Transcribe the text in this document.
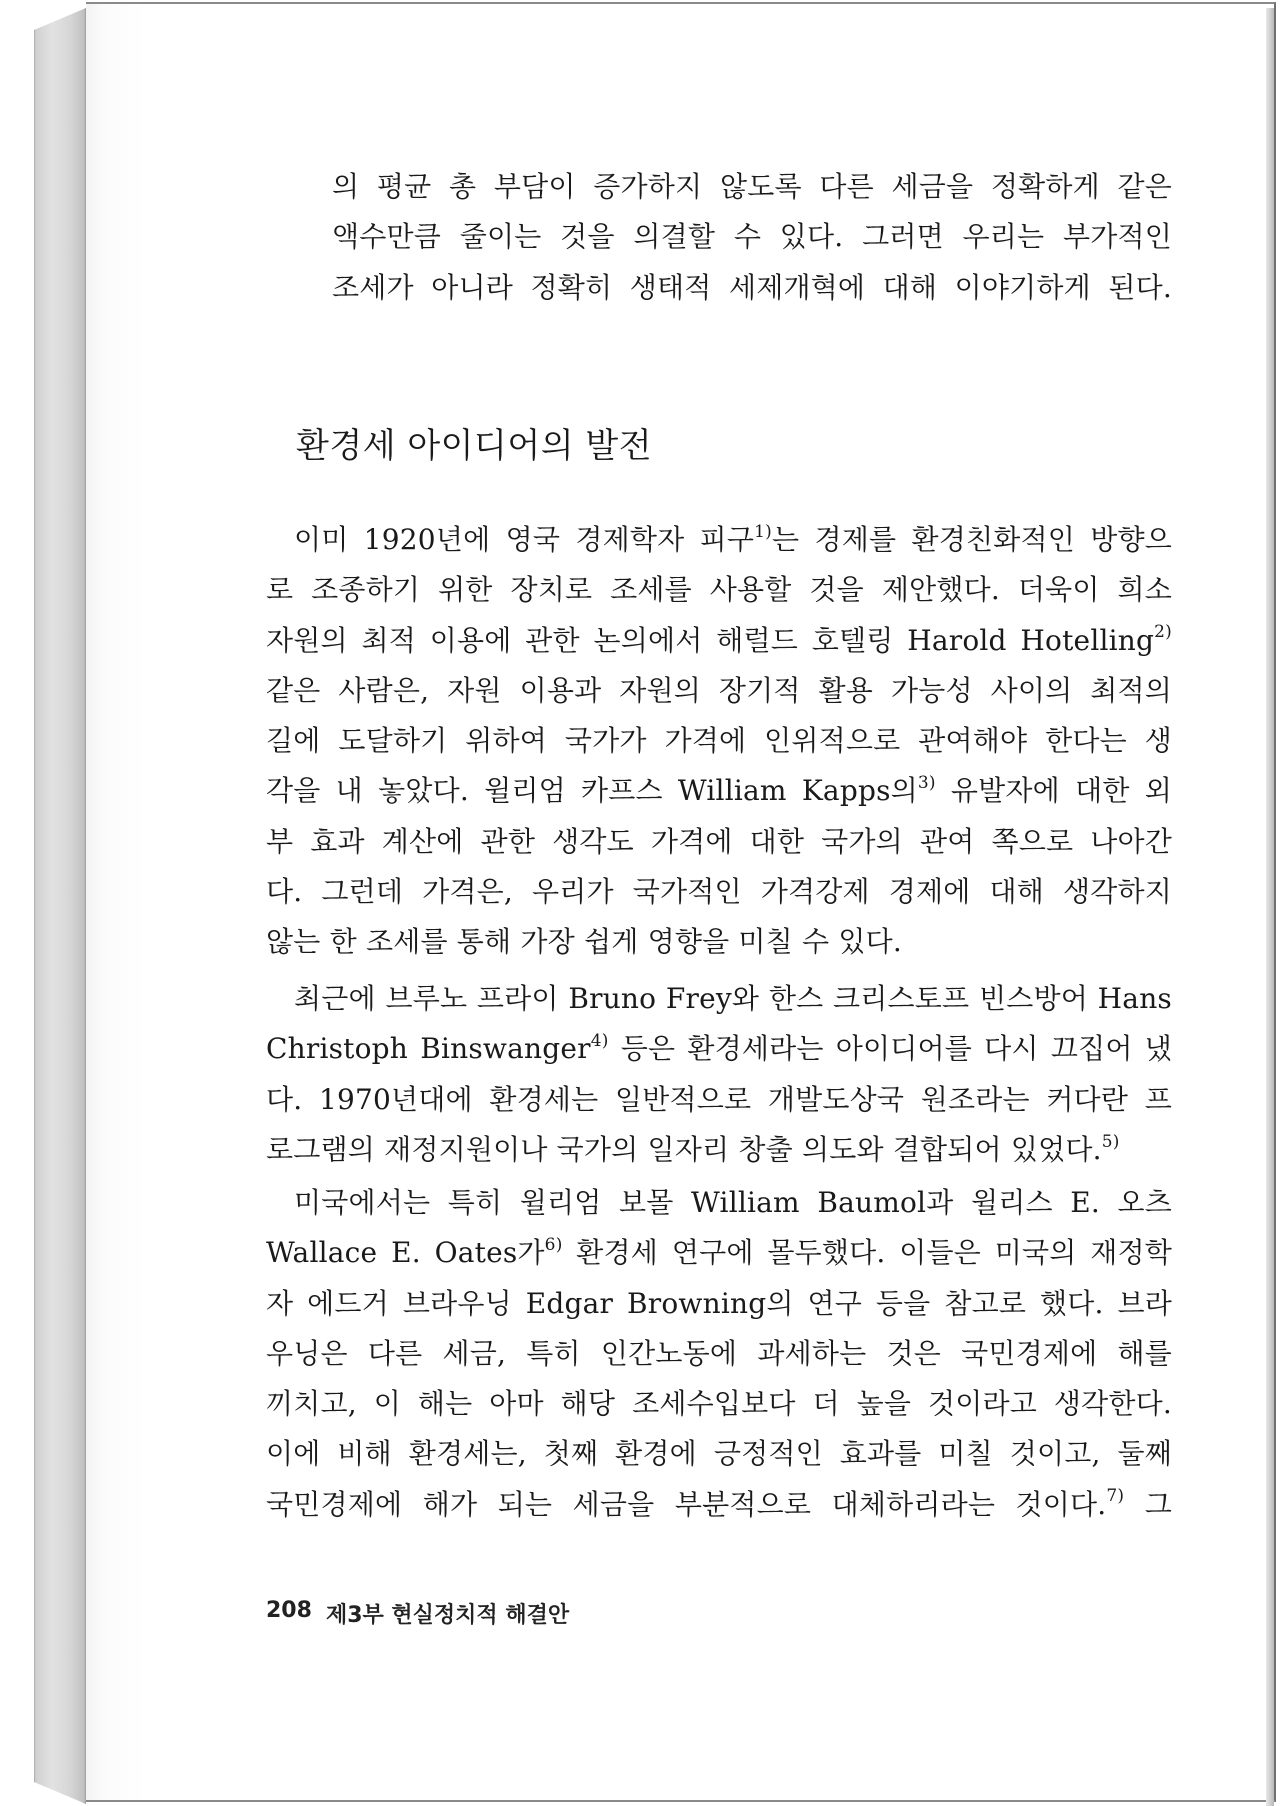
의 평균 총 부담이 증가하지 않도록 다른 세금을 정확하게 같은
액수만큼 줄이는 것을 의결할 수 있다. 그러면 우리는 부가적인
조세가 아니라 정확히 생태적 세제개혁에 대해 이야기하게 된다.
환경세 아이디어의 발전
이미 1920년에 영국 경제학자 피구$^{1)}$는 경제를 환경친화적인 방향으
로 조종하기 위한 장치로 조세를 사용할 것을 제안했다. 더욱이 희소
자원의 최적 이용에 관한 논의에서 해럴드 호텔링 Harold Hotelling$^{2)}$
같은 사람은, 자원 이용과 자원의 장기적 활용 가능성 사이의 최적의
길에 도달하기 위하여 국가가 가격에 인위적으로 관여해야 한다는 생
각을 내 놓았다. 윌리엄 카프스 William Kapps의$^{3)}$ 유발자에 대한 외
부 효과 계산에 관한 생각도 가격에 대한 국가의 관여 쪽으로 나아간
다. 그런데 가격은, 우리가 국가적인 가격강제 경제에 대해 생각하지
않는 한 조세를 통해 가장 쉽게 영향을 미칠 수 있다.
최근에 브루노 프라이 Bruno Frey와 한스 크리스토프 빈스방어 Hans
Christoph Binswanger$^{4)}$ 등은 환경세라는 아이디어를 다시 끄집어 냈
다. 1970년대에 환경세는 일반적으로 개발도상국 원조라는 커다란 프
로그램의 재정지원이나 국가의 일자리 창출 의도와 결합되어 있었다.$^{5)}$
미국에서는 특히 윌리엄 보몰 William Baumol과 윌리스 E. 오츠
Wallace E. Oates가$^{6)}$ 환경세 연구에 몰두했다. 이들은 미국의 재정학
자 에드거 브라우닝 Edgar Browning의 연구 등을 참고로 했다. 브라
우닝은 다른 세금, 특히 인간노동에 과세하는 것은 국민경제에 해를
끼치고, 이 해는 아마 해당 조세수입보다 더 높을 것이라고 생각한다.
이에 비해 환경세는, 첫째 환경에 긍정적인 효과를 미칠 것이고, 둘째
국민경제에 해가 되는 세금을 부분적으로 대체하리라는 것이다.$^{7)}$ 그
208 제3부 현실정치적 해결안
